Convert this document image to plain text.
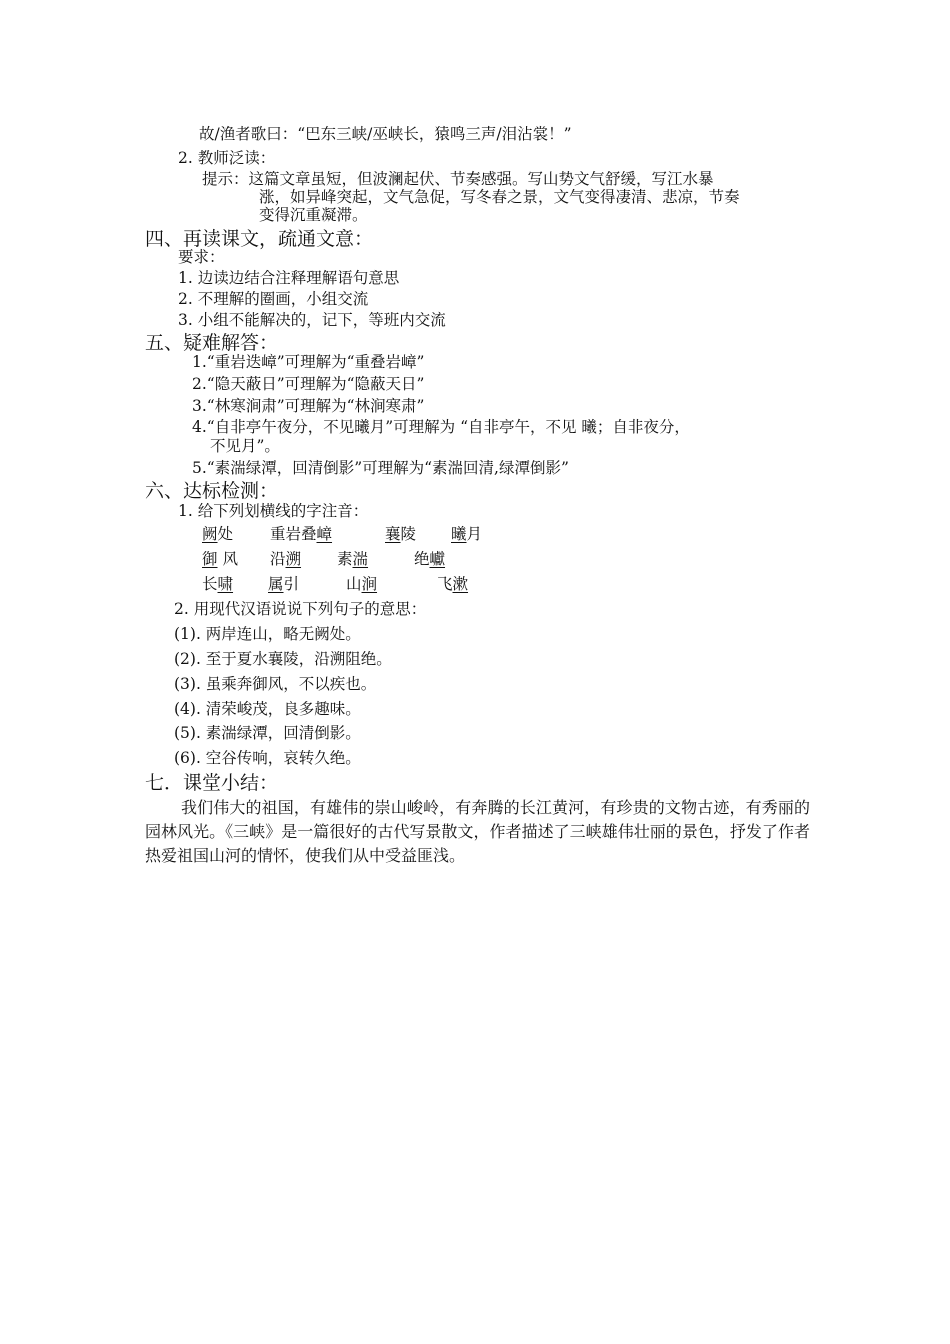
故/渔者歌曰：“巴东三峡/巫峡长，猿鸣三声/泪沾裳！”
2. 教师泛读：
提示：这篇文章虽短，但波澜起伏、节奏感强。写山势文气舒缓，写江水暴
涨，如异峰突起，文气急促，写冬春之景，文气变得凄清、悲凉，节奏
变得沉重凝滞。
四、再读课文，疏通文意：
要求：
1. 边读边结合注释理解语句意思
2. 不理解的圈画，小组交流
3. 小组不能解决的，记下，等班内交流
五、疑难解答：
1.“重岩迭嶂”可理解为“重叠岩嶂”
2.“隐天蔽日”可理解为“隐蔽天日”
3.“林寒涧肃”可理解为“林涧寒肃”
4.“自非亭午夜分，不见曦月”可理解为 “自非亭午，不见 曦；自非夜分，
不见月”。
5.“素湍绿潭，回清倒影”可理解为“素湍回清,绿潭倒影”
六、达标检测：
1. 给下列划横线的字注音：
阙处 重岩叠嶂	襄陵 曦月
御 风 沿溯 素湍	绝巘
长啸 属引	山涧	飞漱
2. 用现代汉语说说下列句子的意思：
(1). 两岸连山，略无阙处。
(2). 至于夏水襄陵，沿溯阻绝。
(3). 虽乘奔御风，不以疾也。
(4). 清荣峻茂，良多趣味。
(5). 素湍绿潭，回清倒影。
(6). 空谷传响，哀转久绝。
七．课堂小结：
我们伟大的祖国，有雄伟的崇山峻岭，有奔腾的长江黄河，有珍贵的文物古迹，有秀丽的园林风光。《三峡》是一篇很好的古代写景散文，作者描述了三峡雄伟壮丽的景色，抒发了作者热爱祖国山河的情怀，使我们从中受益匪浅。
